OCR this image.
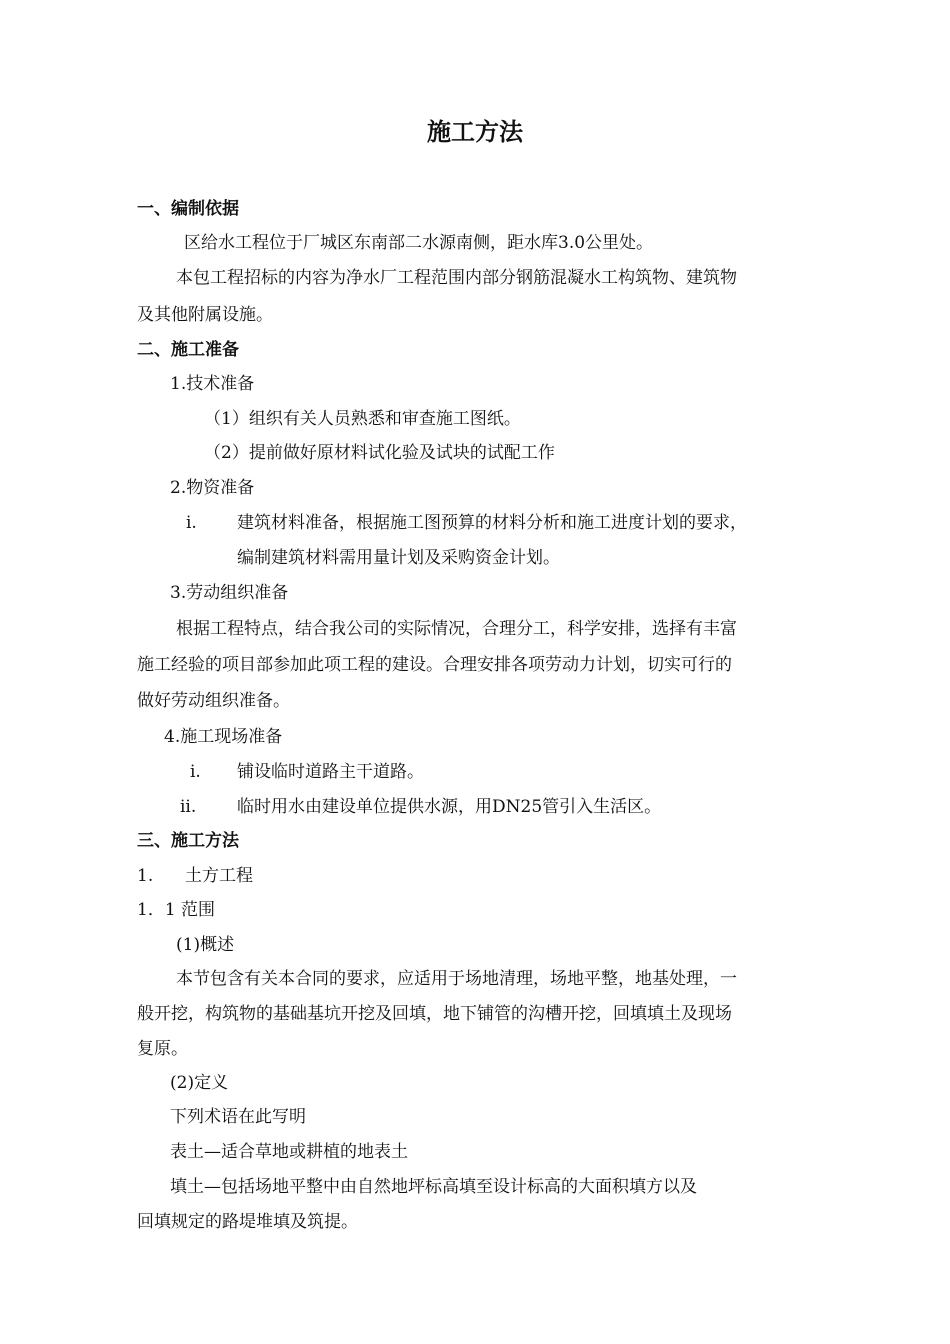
施工方法
一、编制依据
区给水工程位于厂城区东南部二水源南侧，距水库3.0公里处。
本包工程招标的内容为净水厂工程范围内部分钢筋混凝水工构筑物、建筑物
及其他附属设施。
二、施工准备
1.技术准备
（1）组织有关人员熟悉和审查施工图纸。
（2）提前做好原材料试化验及试块的试配工作
2.物资准备
i. 建筑材料准备，根据施工图预算的材料分析和施工进度计划的要求，
编制建筑材料需用量计划及采购资金计划。
3.劳动组织准备
根据工程特点，结合我公司的实际情况，合理分工，科学安排，选择有丰富
施工经验的项目部参加此项工程的建设。合理安排各项劳动力计划，切实可行的
做好劳动组织准备。
4.施工现场准备
i. 铺设临时道路主干道路。
ii. 临时用水由建设单位提供水源，用DN25管引入生活区。
三、施工方法
1. 土方工程
1．1 范围
(1)概述
本节包含有关本合同的要求，应适用于场地清理，场地平整，地基处理，一
般开挖，构筑物的基础基坑开挖及回填，地下铺管的沟槽开挖，回填填土及现场
复原。
(2)定义
下列术语在此写明
表土—适合草地或耕植的地表土
填土—包括场地平整中由自然地坪标高填至设计标高的大面积填方以及
回填规定的路堤堆填及筑提。
